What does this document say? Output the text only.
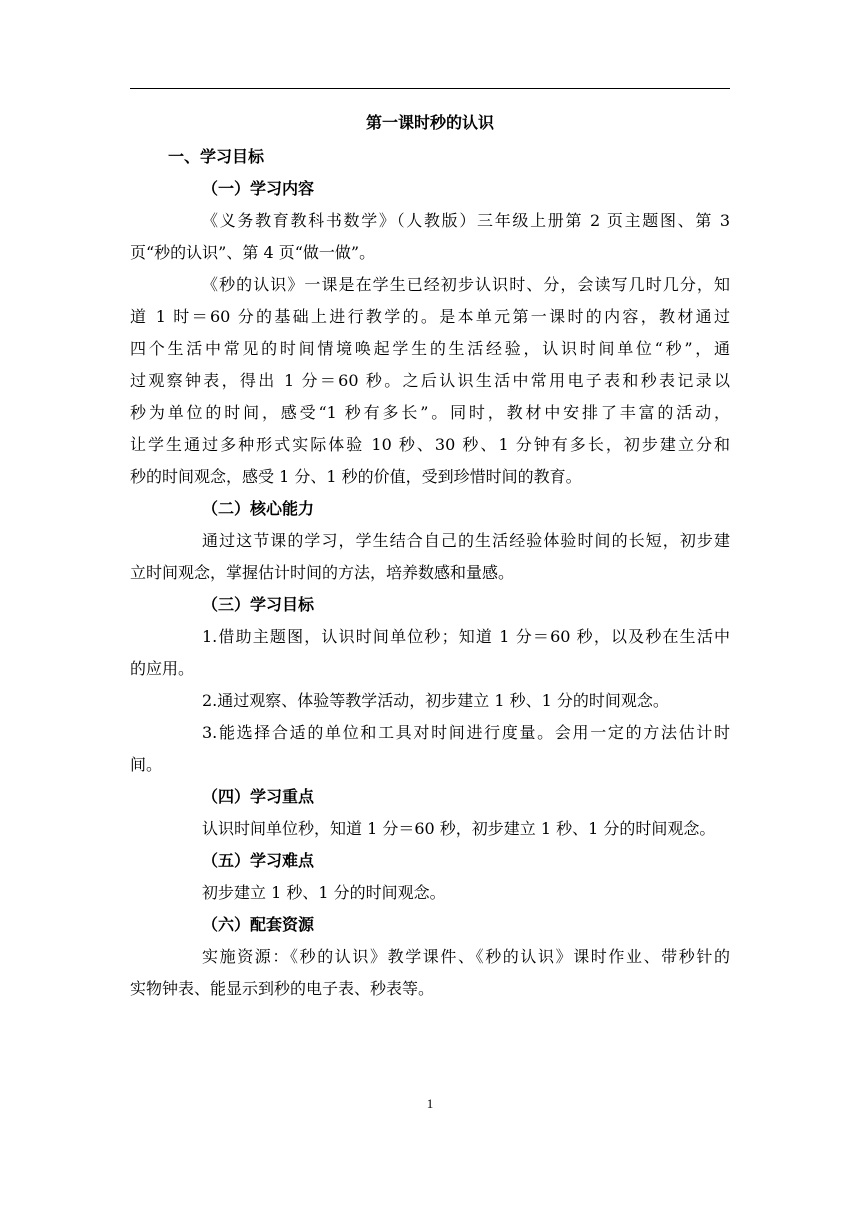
第一课时秒的认识
一、学习目标
（一）学习内容
《义务教育教科书数学》（人教版）三年级上册第 2 页主题图、第 3
页“秒的认识”、第 4 页“做一做”。
《秒的认识》一课是在学生已经初步认识时、分，会读写几时几分，知
道 1 时＝60 分的基础上进行教学的。是本单元第一课时的内容，教材通过
四个生活中常见的时间情境唤起学生的生活经验，认识时间单位“秒”，通
过观察钟表，得出 1 分＝60 秒。之后认识生活中常用电子表和秒表记录以
秒为单位的时间，感受“1 秒有多长”。同时，教材中安排了丰富的活动，
让学生通过多种形式实际体验 10 秒、30 秒、1 分钟有多长，初步建立分和
秒的时间观念，感受 1 分、1 秒的价值，受到珍惜时间的教育。
（二）核心能力
通过这节课的学习，学生结合自己的生活经验体验时间的长短，初步建
立时间观念，掌握估计时间的方法，培养数感和量感。
（三）学习目标
1.借助主题图，认识时间单位秒；知道 1 分＝60 秒，以及秒在生活中
的应用。
2.通过观察、体验等教学活动，初步建立 1 秒、1 分的时间观念。
3.能选择合适的单位和工具对时间进行度量。会用一定的方法估计时
间。
（四）学习重点
认识时间单位秒，知道 1 分＝60 秒，初步建立 1 秒、1 分的时间观念。
（五）学习难点
初步建立 1 秒、1 分的时间观念。
（六）配套资源
实施资源：《秒的认识》教学课件、《秒的认识》课时作业、带秒针的
实物钟表、能显示到秒的电子表、秒表等。
1
